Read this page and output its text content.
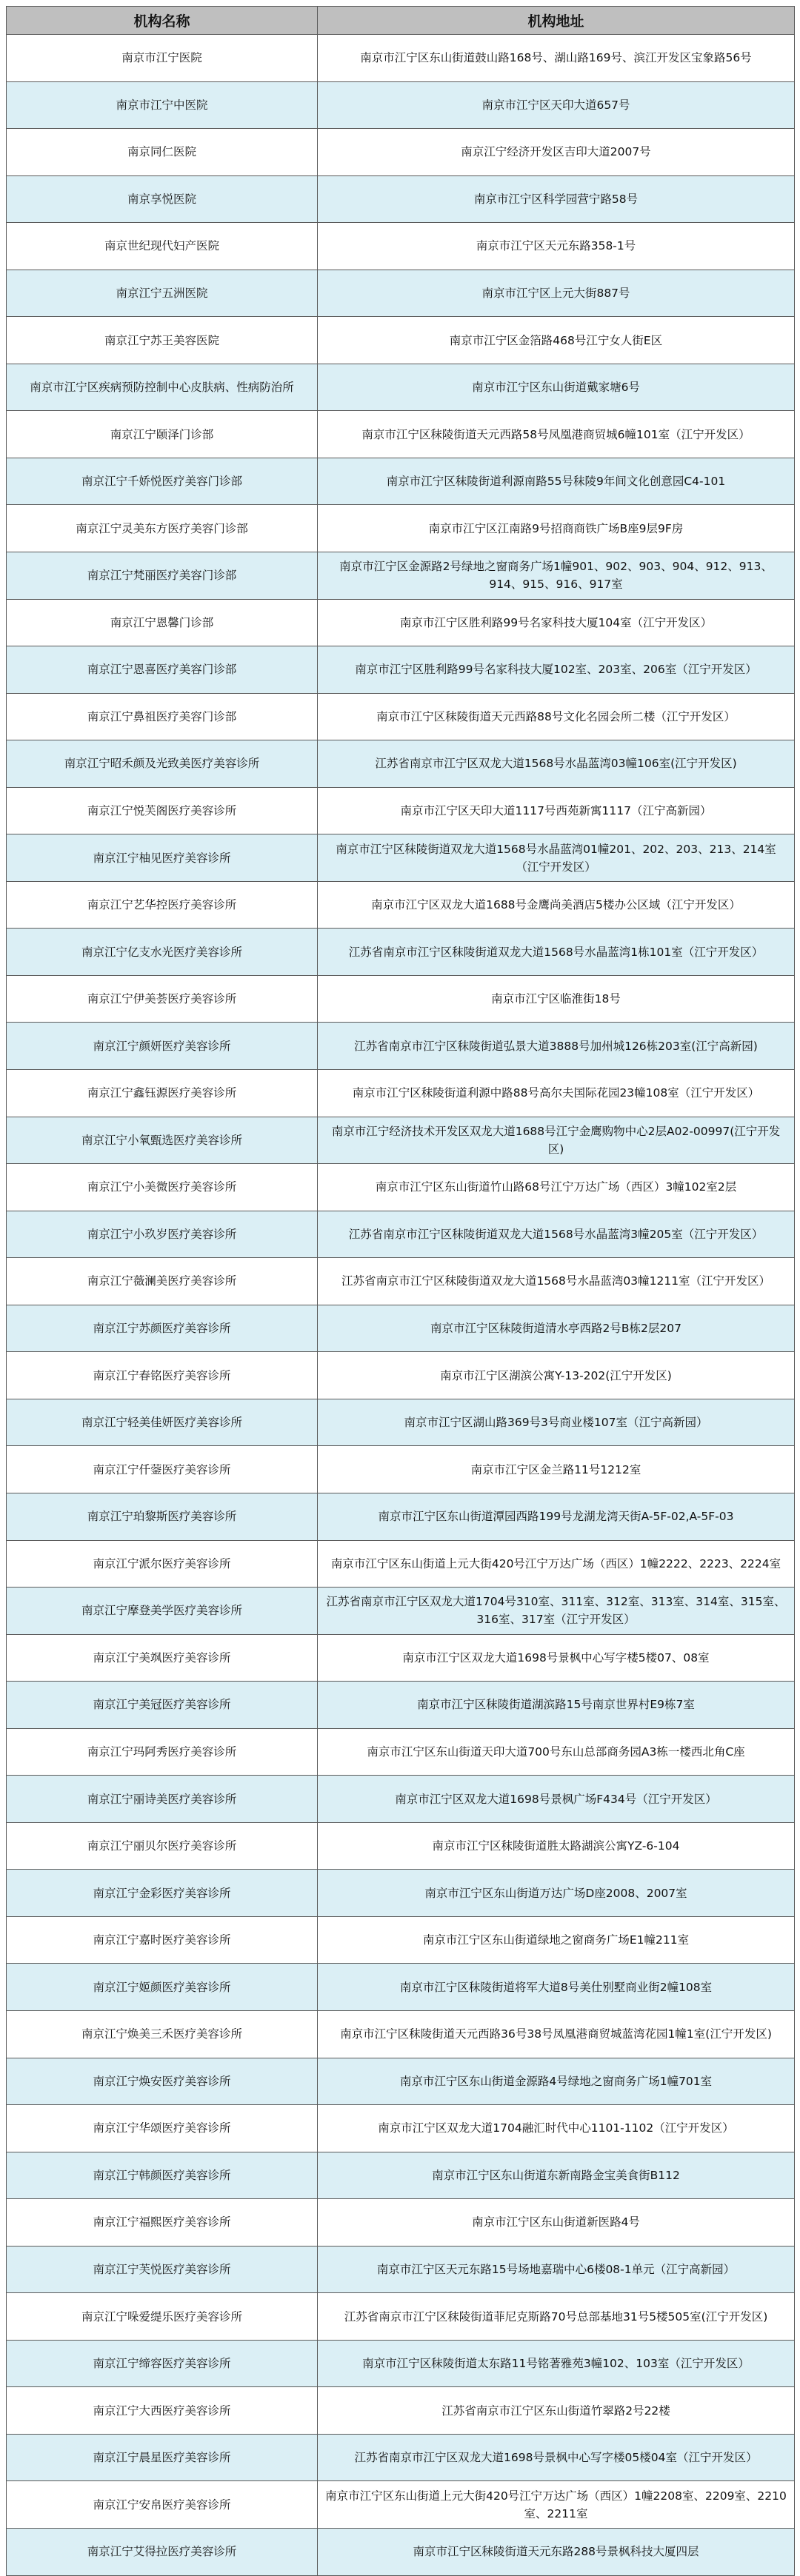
机构名称	机构地址
南京市江宁医院	南京市江宁区东山街道鼓山路168号、湖山路169号、滨江开发区宝象路56号
南京市江宁中医院	南京市江宁区天印大道657号
南京同仁医院	南京江宁经济开发区吉印大道2007号
南京享悦医院	南京市江宁区科学园营宁路58号
南京世纪现代妇产医院	南京市江宁区天元东路358-1号
南京江宁五洲医院	南京市江宁区上元大街887号
南京江宁苏王美容医院	南京市江宁区金箔路468号江宁女人街E区
南京市江宁区疾病预防控制中心皮肤病、性病防治所	南京市江宁区东山街道戴家塘6号
南京江宁颐泽门诊部	南京市江宁区秣陵街道天元西路58号凤凰港商贸城6幢101室（江宁开发区）
南京江宁千娇悦医疗美容门诊部	南京市江宁区秣陵街道利源南路55号秣陵9年间文化创意园C4-101
南京江宁灵美东方医疗美容门诊部	南京市江宁区江南路9号招商商铁广场B座9层9F房
南京江宁梵丽医疗美容门诊部	南京市江宁区金源路2号绿地之窗商务广场1幢901、902、903、904、912、913、914、915、916、917室
南京江宁恩馨门诊部	南京市江宁区胜利路99号名家科技大厦104室（江宁开发区）
南京江宁恩喜医疗美容门诊部	南京市江宁区胜利路99号名家科技大厦102室、203室、206室（江宁开发区）
南京江宁鼻祖医疗美容门诊部	南京市江宁区秣陵街道天元西路88号文化名园会所二楼（江宁开发区）
南京江宁昭禾颜及光致美医疗美容诊所	江苏省南京市江宁区双龙大道1568号水晶蓝湾03幢106室(江宁开发区)
南京江宁悦芙阁医疗美容诊所	南京市江宁区天印大道1117号西苑新寓1117（江宁高新园）
南京江宁柚见医疗美容诊所	南京市江宁区秣陵街道双龙大道1568号水晶蓝湾01幢201、202、203、213、214室（江宁开发区）
南京江宁艺华控医疗美容诊所	南京市江宁区双龙大道1688号金鹰尚美酒店5楼办公区域（江宁开发区）
南京江宁亿支水光医疗美容诊所	江苏省南京市江宁区秣陵街道双龙大道1568号水晶蓝湾1栋101室（江宁开发区）
南京江宁伊美荟医疗美容诊所	南京市江宁区临淮街18号
南京江宁颜妍医疗美容诊所	江苏省南京市江宁区秣陵街道弘景大道3888号加州城126栋203室(江宁高新园)
南京江宁鑫钰源医疗美容诊所	南京市江宁区秣陵街道利源中路88号高尔夫国际花园23幢108室（江宁开发区）
南京江宁小氧甄选医疗美容诊所	南京市江宁经济技术开发区双龙大道1688号江宁金鹰购物中心2层A02-00997(江宁开发区)
南京江宁小美微医疗美容诊所	南京市江宁区东山街道竹山路68号江宁万达广场（西区）3幢102室2层
南京江宁小玖岁医疗美容诊所	江苏省南京市江宁区秣陵街道双龙大道1568号水晶蓝湾3幢205室（江宁开发区）
南京江宁薇澜美医疗美容诊所	江苏省南京市江宁区秣陵街道双龙大道1568号水晶蓝湾03幢1211室（江宁开发区）
南京江宁苏颜医疗美容诊所	南京市江宁区秣陵街道清水亭西路2号B栋2层207
南京江宁春铭医疗美容诊所	南京市江宁区湖滨公寓Y-13-202(江宁开发区)
南京江宁轻美佳妍医疗美容诊所	南京市江宁区湖山路369号3号商业楼107室（江宁高新园）
南京江宁仟蓥医疗美容诊所	南京市江宁区金兰路11号1212室
南京江宁珀黎斯医疗美容诊所	南京市江宁区东山街道潭园西路199号龙湖龙湾天街A-5F-02,A-5F-03
南京江宁派尔医疗美容诊所	南京市江宁区东山街道上元大街420号江宁万达广场（西区）1幢2222、2223、2224室
南京江宁摩登美学医疗美容诊所	江苏省南京市江宁区双龙大道1704号310室、311室、312室、313室、314室、315室、316室、317室（江宁开发区）
南京江宁美飒医疗美容诊所	南京市江宁区双龙大道1698号景枫中心写字楼5楼07、08室
南京江宁美冠医疗美容诊所	南京市江宁区秣陵街道湖滨路15号南京世界村E9栋7室
南京江宁玛阿秀医疗美容诊所	南京市江宁区东山街道天印大道700号东山总部商务园A3栋一楼西北角C座
南京江宁丽诗美医疗美容诊所	南京市江宁区双龙大道1698号景枫广场F434号（江宁开发区）
南京江宁丽贝尔医疗美容诊所	南京市江宁区秣陵街道胜太路湖滨公寓YZ-6-104
南京江宁金彩医疗美容诊所	南京市江宁区东山街道万达广场D座2008、2007室
南京江宁嘉时医疗美容诊所	南京市江宁区东山街道绿地之窗商务广场E1幢211室
南京江宁姬颜医疗美容诊所	南京市江宁区秣陵街道将军大道8号美仕别墅商业街2幢108室
南京江宁焕美三禾医疗美容诊所	南京市江宁区秣陵街道天元西路36号38号凤凰港商贸城蓝湾花园1幢1室(江宁开发区)
南京江宁焕安医疗美容诊所	南京市江宁区东山街道金源路4号绿地之窗商务广场1幢701室
南京江宁华颂医疗美容诊所	南京市江宁区双龙大道1704融汇时代中心1101-1102（江宁开发区）
南京江宁韩颜医疗美容诊所	南京市江宁区东山街道东新南路金宝美食街B112
南京江宁福熙医疗美容诊所	南京市江宁区东山街道新医路4号
南京江宁芙悦医疗美容诊所	南京市江宁区天元东路15号场地嘉瑞中心6楼08-1单元（江宁高新园）
南京江宁哚爱缇乐医疗美容诊所	江苏省南京市江宁区秣陵街道菲尼克斯路70号总部基地31号5楼505室(江宁开发区)
南京江宁缔容医疗美容诊所	南京市江宁区秣陵街道太东路11号铭著雅苑3幢102、103室（江宁开发区）
南京江宁大西医疗美容诊所	江苏省南京市江宁区东山街道竹翠路2号22楼
南京江宁晨星医疗美容诊所	江苏省南京市江宁区双龙大道1698号景枫中心写字楼05楼04室（江宁开发区）
南京江宁安帛医疗美容诊所	南京市江宁区东山街道上元大街420号江宁万达广场（西区）1幢2208室、2209室、2210室、2211室
南京江宁艾得拉医疗美容诊所	南京市江宁区秣陵街道天元东路288号景枫科技大厦四层
